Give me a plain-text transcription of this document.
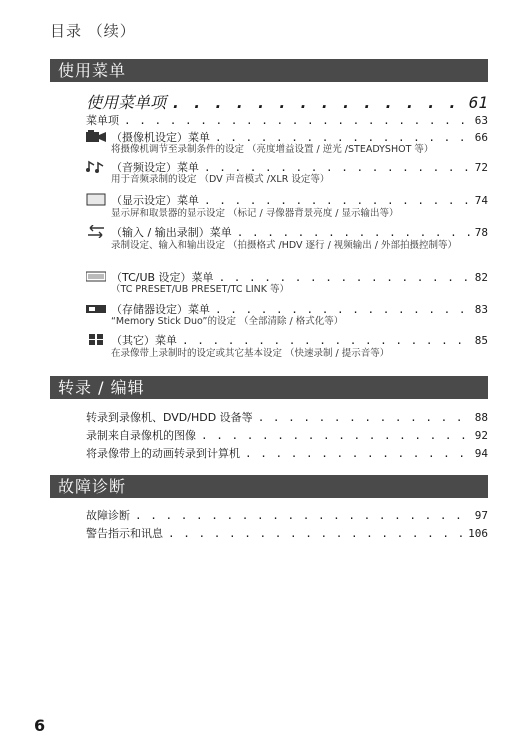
目录 （续）
使用菜单
使用菜单项 . . .	61
菜单项 . . .	63
（摄像机设定）菜单 . . .	66
将摄像机调节至录制条件的设定 （亮度增益设置 / 逆光 /STEADYSHOT 等）
（音频设定）菜单 . . .	72
用于音频录制的设定 （DV 声音模式 /XLR 设定等）
（显示设定）菜单 . . .	74
显示屏和取景器的显示设定 （标记 / 寻像器背景亮度 / 显示输出等）
（输入 / 输出录制）菜单 . . .	78
录制设定、输入和输出设定 （拍摄格式 /HDV 逐行 / 视频输出 / 外部拍摄控制等）
（TC/UB 设定）菜单 . . .	82
（TC PRESET/UB PRESET/TC LINK 等）
（存储器设定）菜单 . . .	83
“Memory Stick Duo”的设定 （全部清除 / 格式化等）
（其它）菜单 . . .	85
在录像带上录制时的设定或其它基本设定 （快速录制 / 提示音等）
转录 / 编辑
转录到录像机、DVD/HDD 设备等 . . .	88
录制来自录像机的图像 . . .	92
将录像带上的动画转录到计算机 . . .	94
故障诊断
故障诊断 . . .	97
警告指示和讯息 . . .	106
6
